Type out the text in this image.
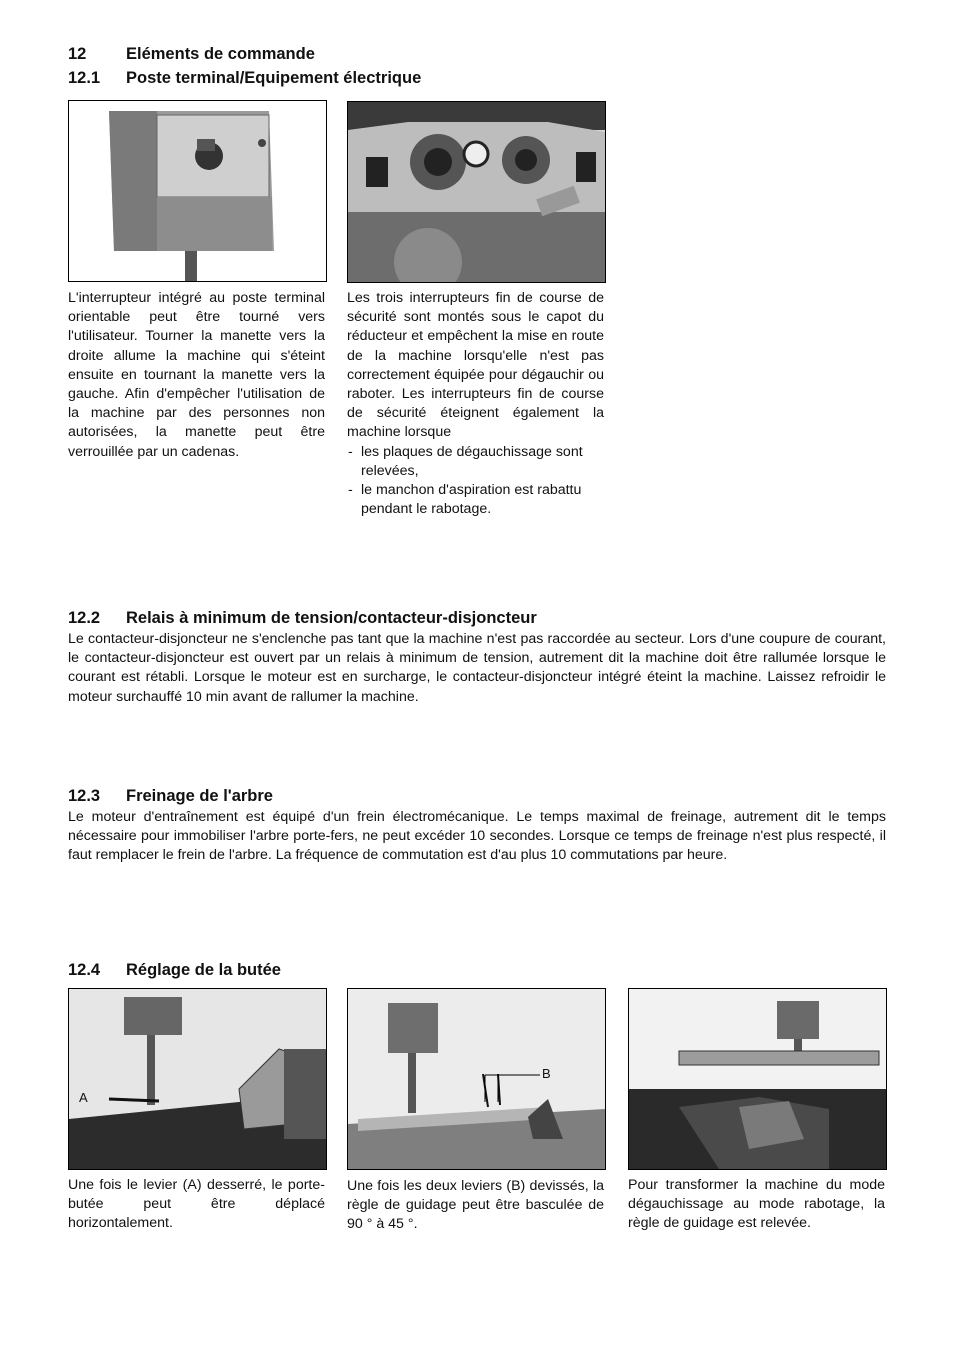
12 Eléments de commande
12.1 Poste terminal/Equipement électrique

L'interrupteur intégré au poste terminal orientable peut être tourné vers l'utilisateur. Tourner la manette vers la droite allume la machine qui s'éteint ensuite en tournant la manette vers la gauche. Afin d'empêcher l'utilisation de la machine par des personnes non autorisées, la manette peut être verrouillée par un cadenas.

Les trois interrupteurs fin de course de sécurité sont montés sous le capot du réducteur et empêchent la mise en route de la machine lorsqu'elle n'est pas correctement équipée pour dégauchir ou raboter. Les interrupteurs fin de course de sécurité éteignent également la machine lorsque

- les plaques de dégauchissage sont relevées,
- le manchon d'aspiration est rabattu pendant le rabotage.
12.2 Relais à minimum de tension/contacteur-disjoncteur
Le contacteur-disjoncteur ne s'enclenche pas tant que la machine n'est pas raccordée au secteur. Lors d'une coupure de courant, le contacteur-disjoncteur est ouvert par un relais à minimum de tension, autrement dit la machine doit être rallumée lorsque le courant est rétabli. Lorsque le moteur est en surcharge, le contacteur-disjoncteur intégré éteint la machine. Laissez refroidir le moteur surchauffé 10 min avant de rallumer la machine.
12.3 Freinage de l'arbre
Le moteur d'entraînement est équipé d'un frein électromécanique. Le temps maximal de freinage, autrement dit le temps nécessaire pour immobiliser l'arbre porte-fers, ne peut excéder 10 secondes. Lorsque ce temps de freinage n'est plus respecté, il faut remplacer le frein de l'arbre. La fréquence de commutation est d'au plus 10 commutations par heure.
12.4 Réglage de la butée
A
B
Une fois le levier (A) desserré, le porte-butée peut être déplacé horizontalement.
Une fois les deux leviers (B) devissés, la règle de guidage peut être basculée de 90 ° à 45 °.
Pour transformer la machine du mode dégauchissage au mode rabotage, la règle de guidage est relevée.
